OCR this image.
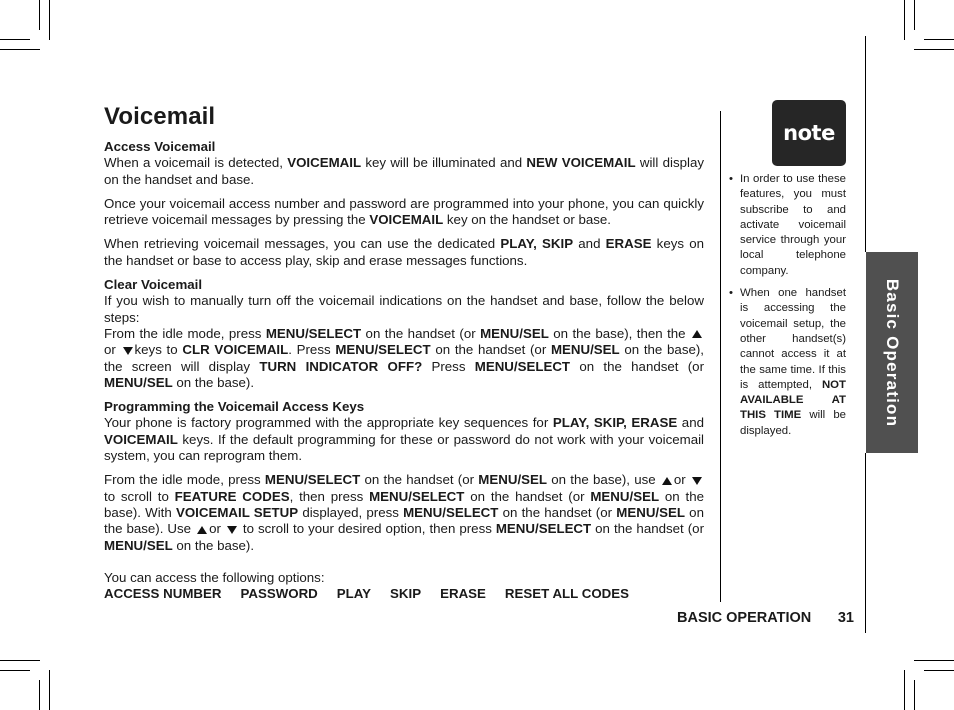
Voicemail

Access Voicemail

When a voicemail is detected, VOICEMAIL key will be illuminated and NEW VOICEMAIL will display on the handset and base.

Once your voicemail access number and password are programmed into your phone, you can quickly retrieve voicemail messages by pressing the VOICEMAIL key on the handset or base.

When retrieving voicemail messages, you can use the dedicated PLAY, SKIP and ERASE keys on the handset or base to access play, skip and erase messages functions.

Clear Voicemail

If you wish to manually turn off the voicemail indications on the handset and base, follow the below steps:

From the idle mode, press MENU/SELECT on the handset (or MENU/SEL on the base), then the or keys to CLR VOICEMAIL. Press MENU/SELECT on the handset (or MENU/SEL on the base), the screen will display TURN INDICATOR OFF? Press MENU/SELECT on the handset (or MENU/SEL on the base).

Programming the Voicemail Access Keys

Your phone is factory programmed with the appropriate key sequences for PLAY, SKIP, ERASE and VOICEMAIL keys. If the default programming for these or password do not work with your voicemail system, you can reprogram them.

From the idle mode, press MENU/SELECT on the handset (or MENU/SEL on the base), use or  to scroll to FEATURE CODES, then press MENU/SELECT on the handset (or MENU/SEL on the base). With VOICEMAIL SETUP displayed, press MENU/SELECT on the handset (or MENU/SEL on the base). Use or  to scroll to your desired option, then press MENU/SELECT on the handset (or MENU/SEL on the base).

You can access the following options:

ACCESS NUMBER PASSWORD PLAY SKIP ERASE RESET ALL CODES
note
• In order to use these features, you must subscribe to and activate voicemail service through your local telephone company.
• When one handset is accessing the voicemail setup, the other handset(s) cannot access it at the same time. If this is attempted, NOT AVAILABLE AT THIS TIME will be displayed.
Basic Operation
BASIC OPERATION 31
